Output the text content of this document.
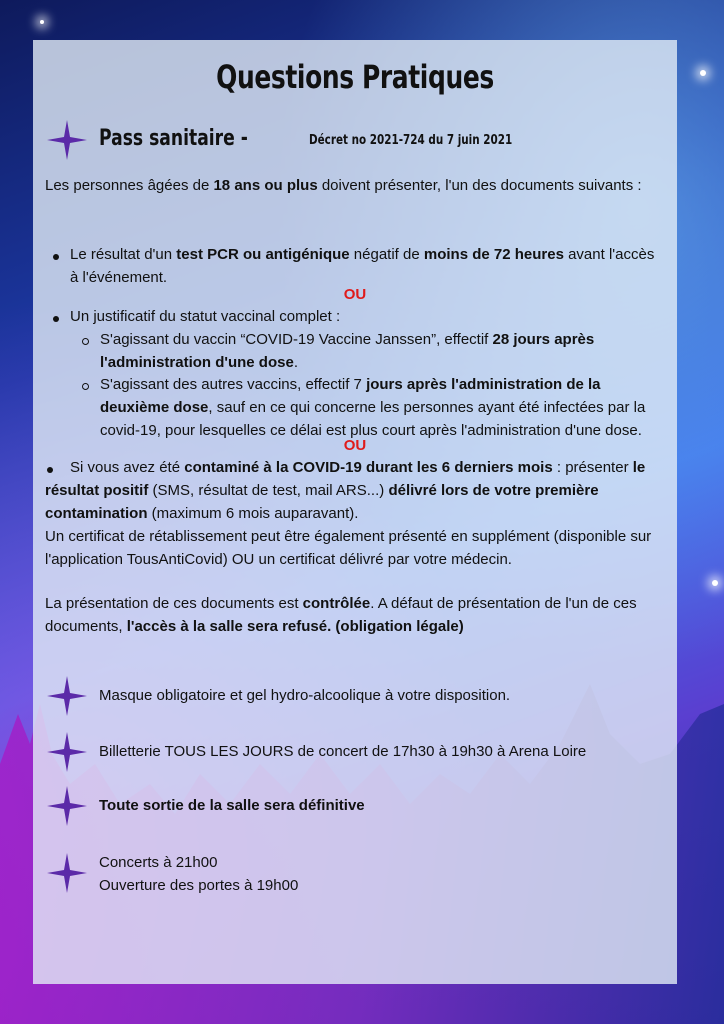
Questions Pratiques
Pass sanitaire -	Décret no 2021-724 du 7 juin 2021

Les personnes âgées de 18 ans ou plus doivent présenter, l'un des documents suivants :

Le résultat d'un test PCR ou antigénique négatif de moins de 72 heures avant l'accès à l'événement.

OU

Un justificatif du statut vaccinal complet :

S'agissant du vaccin “COVID-19 Vaccine Janssen”, effectif 28 jours après l'administration d'une dose.

S'agissant des autres vaccins, effectif 7 jours après l'administration de la deuxième dose, sauf en ce qui concerne les personnes ayant été infectées par la covid-19, pour lesquelles ce délai est plus court après l'administration d'une dose.

OU

Si vous avez été contaminé à la COVID-19 durant les 6 derniers mois : présenter le résultat positif (SMS, résultat de test, mail ARS...) délivré lors de votre première contamination (maximum 6 mois auparavant).

Un certificat de rétablissement peut être également présenté en supplément (disponible sur l'application TousAntiCovid) OU un certificat délivré par votre médecin.

La présentation de ces documents est contrôlée. A défaut de présentation de l'un de ces documents, l'accès à la salle sera refusé. (obligation légale)

Masque obligatoire et gel hydro-alcoolique à votre disposition.
Billetterie TOUS LES JOURS de concert de 17h30 à 19h30 à Arena Loire
Toute sortie de la salle sera définitive
Concerts à 21h00
Ouverture des portes à 19h00
